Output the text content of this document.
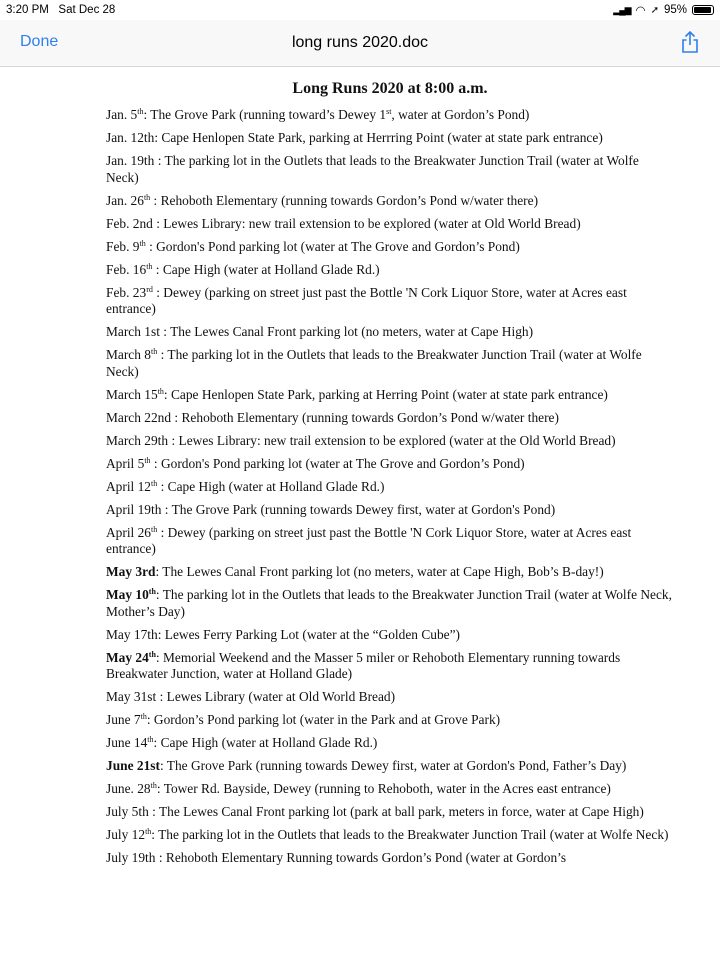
3:20 PM Sat Dec 28	▂▄▆ ◠ ➚ 95%
Done	long runs 2020.doc
Long Runs 2020 at 8:00 a.m.
Jan. 5th: The Grove Park (running toward’s Dewey 1st, water at Gordon’s Pond)
Jan. 12th: Cape Henlopen State Park, parking at Herrring Point (water at state park entrance)
Jan. 19th : The parking lot in the Outlets that leads to the Breakwater Junction Trail (water at Wolfe Neck)
Jan. 26th : Rehoboth Elementary (running towards Gordon’s Pond w/water there)
Feb. 2nd : Lewes Library: new trail extension to be explored (water at Old World Bread)
Feb. 9th : Gordon's Pond parking lot (water at The Grove and Gordon’s Pond)
Feb. 16th : Cape High (water at Holland Glade Rd.)
Feb. 23rd : Dewey (parking on street just past the Bottle 'N Cork Liquor Store, water at Acres east entrance)
March 1st : The Lewes Canal Front parking lot (no meters, water at Cape High)
March 8th : The parking lot in the Outlets that leads to the Breakwater Junction Trail (water at Wolfe Neck)
March 15th: Cape Henlopen State Park, parking at Herring Point (water at state park entrance)
March 22nd : Rehoboth Elementary (running towards Gordon’s Pond w/water there)
March 29th : Lewes Library: new trail extension to be explored (water at the Old World Bread)
April 5th : Gordon's Pond parking lot (water at The Grove and Gordon’s Pond)
April 12th : Cape High (water at Holland Glade Rd.)
April 19th : The Grove Park (running towards Dewey first, water at Gordon's Pond)
April 26th : Dewey (parking on street just past the Bottle 'N Cork Liquor Store, water at Acres east entrance)
May 3rd: The Lewes Canal Front parking lot (no meters, water at Cape High, Bob’s B-day!)
May 10th: The parking lot in the Outlets that leads to the Breakwater Junction Trail (water at Wolfe Neck, Mother’s Day)
May 17th: Lewes Ferry Parking Lot (water at the “Golden Cube”)
May 24th: Memorial Weekend and the Masser 5 miler or Rehoboth Elementary running towards Breakwater Junction, water at Holland Glade)
May 31st : Lewes Library (water at Old World Bread)
June 7th: Gordon’s Pond parking lot (water in the Park and at Grove Park)
June 14th: Cape High (water at Holland Glade Rd.)
June 21st: The Grove Park (running towards Dewey first, water at Gordon's Pond, Father’s Day)
June. 28th: Tower Rd. Bayside, Dewey (running to Rehoboth, water in the Acres east entrance)
July 5th : The Lewes Canal Front parking lot (park at ball park, meters in force, water at Cape High)
July 12th: The parking lot in the Outlets that leads to the Breakwater Junction Trail (water at Wolfe Neck)
July 19th : Rehoboth Elementary Running towards Gordon’s Pond (water at Gordon’s
